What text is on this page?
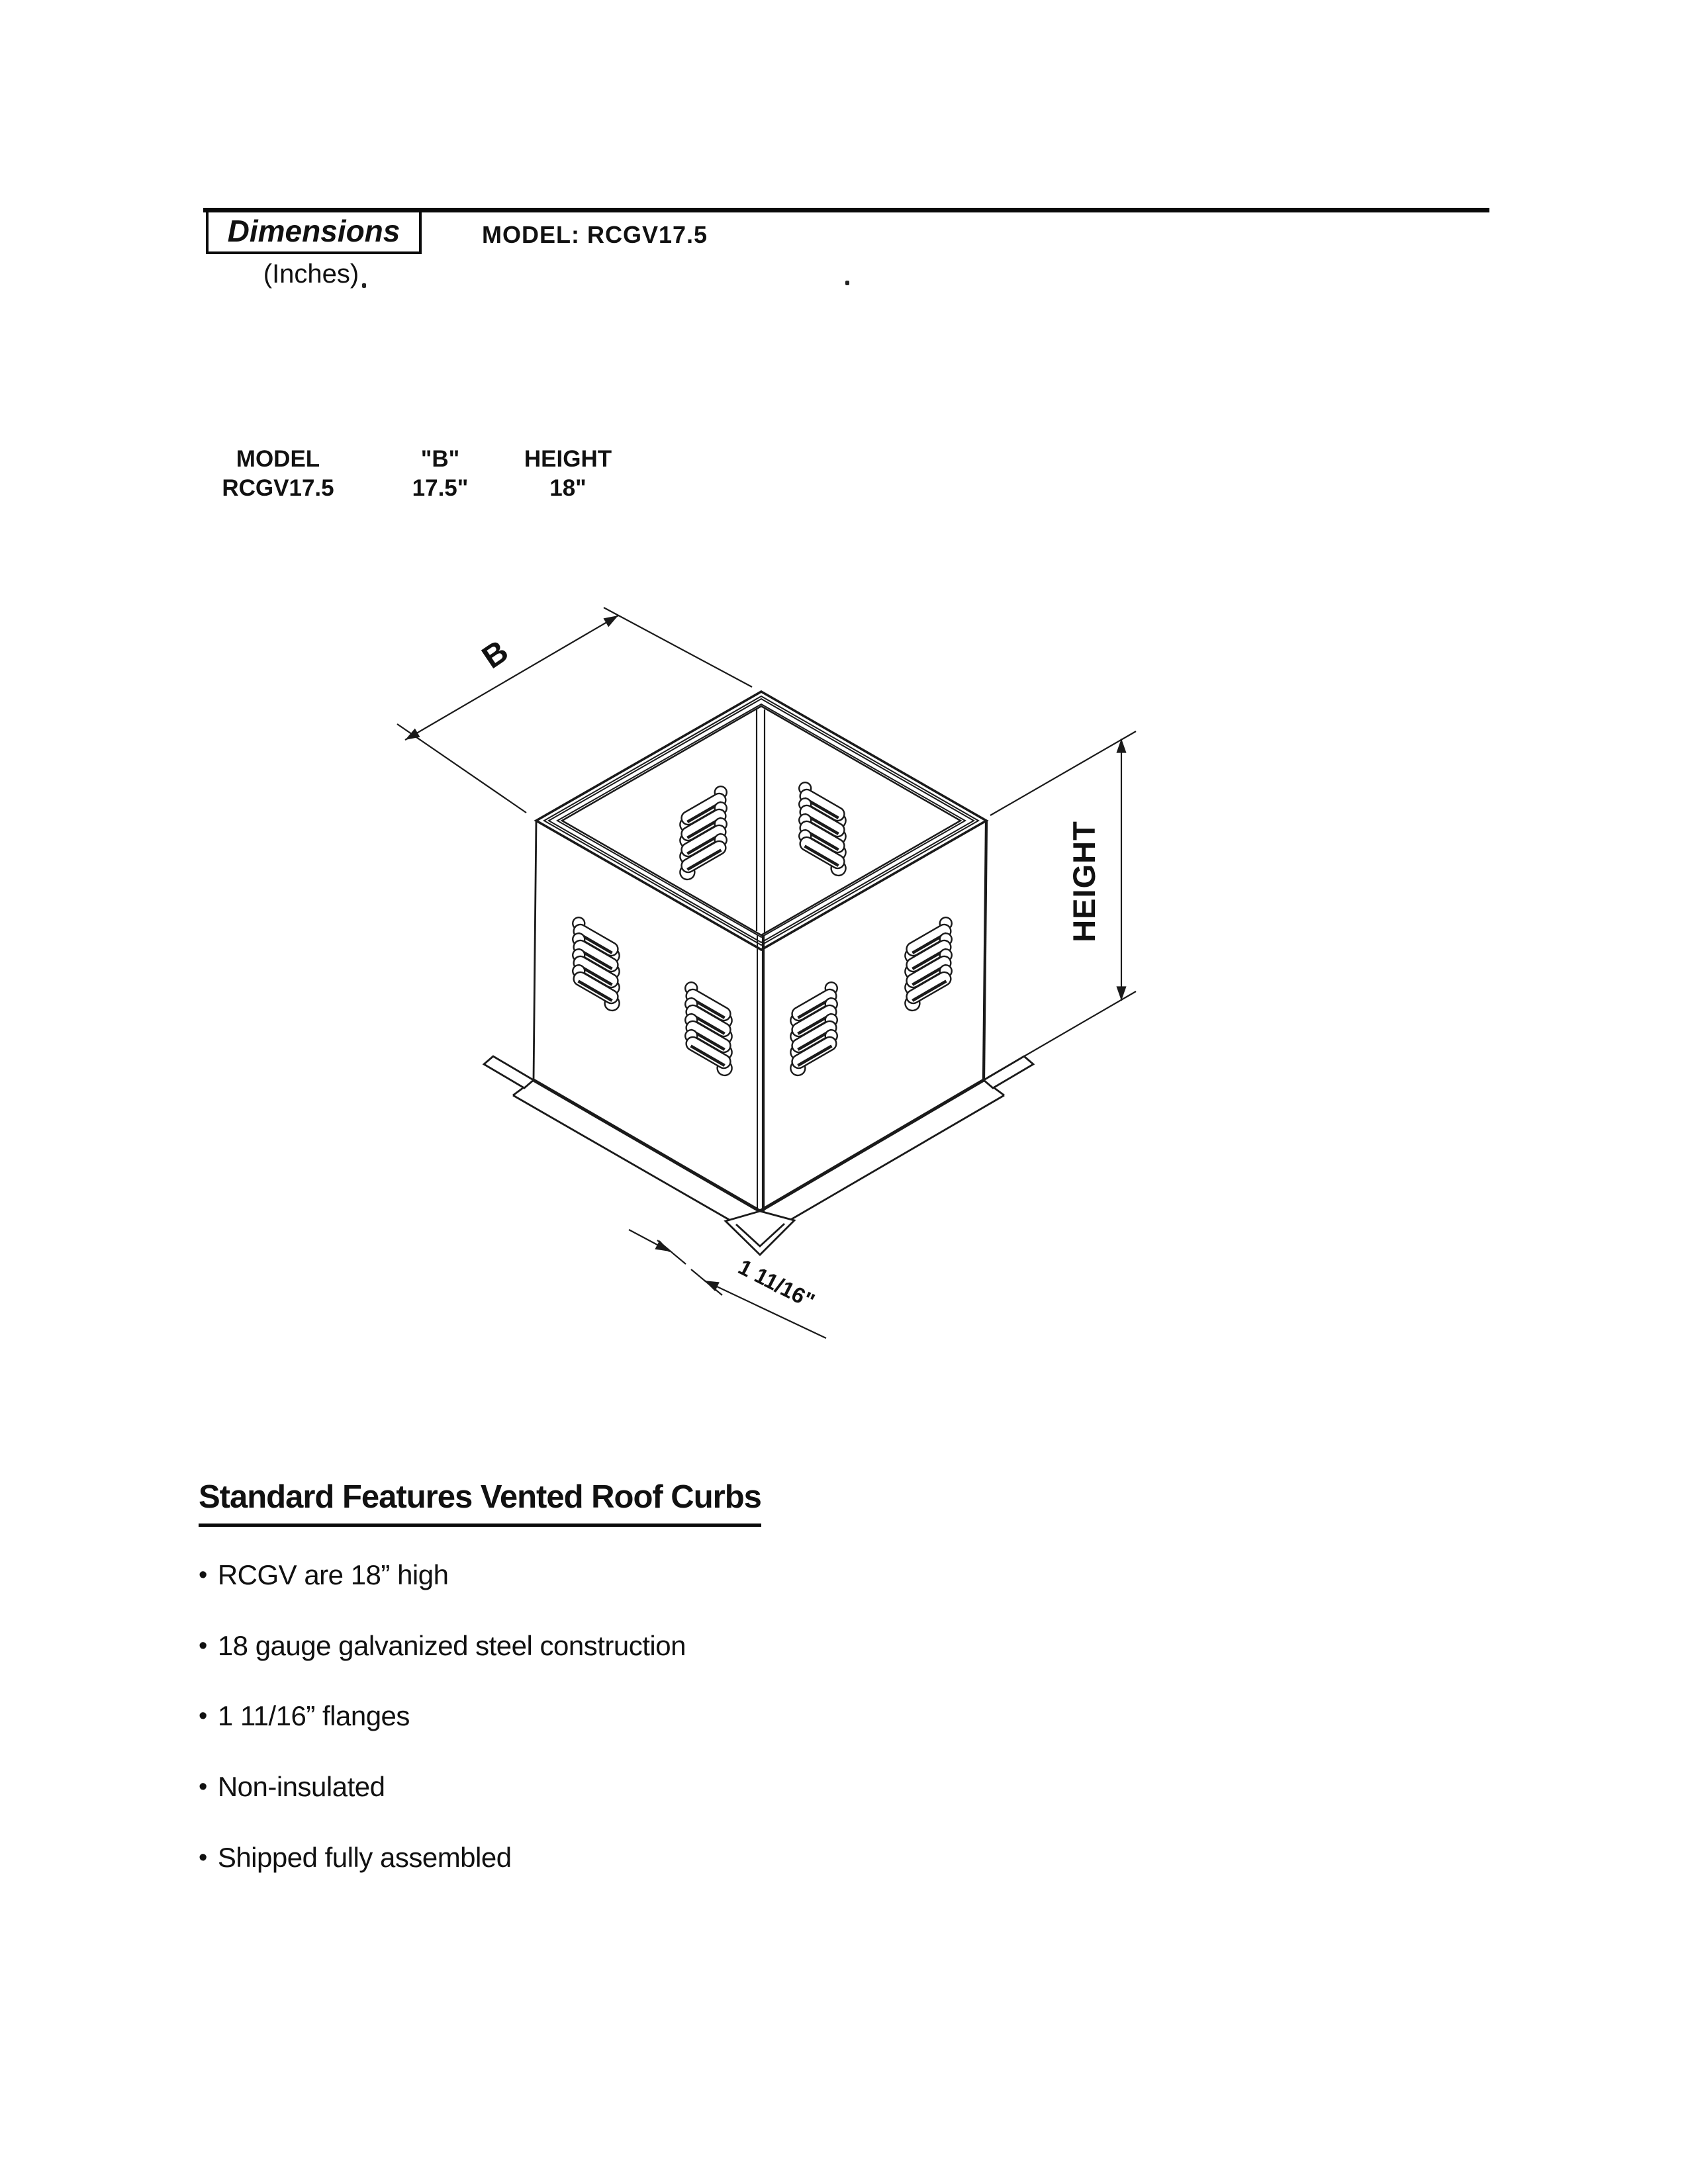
Dimensions
(Inches)
MODEL: RCGV17.5
MODEL
RCGV17.5
"B"
17.5"
HEIGHT
18"
B
HEIGHT
1 11/16"
Standard Features Vented Roof Curbs
• RCGV are 18” high
• 18 gauge galvanized steel construction
• 1 11/16” flanges
• Non-insulated
• Shipped fully assembled
